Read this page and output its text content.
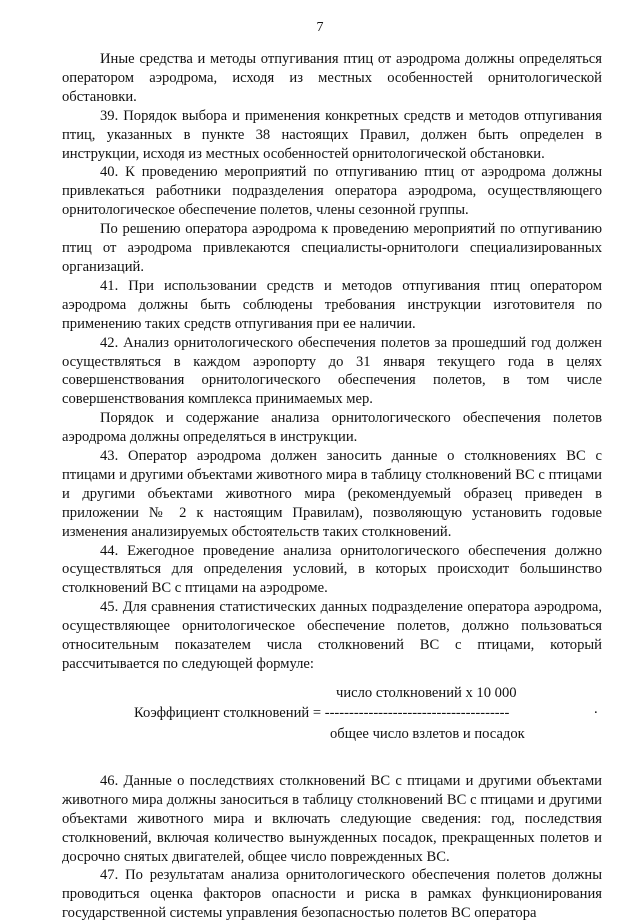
7

Иные средства и методы отпугивания птиц от аэродрома должны определяться оператором аэродрома, исходя из местных особенностей орнитологической обстановки.

39. Порядок выбора и применения конкретных средств и методов отпугивания птиц, указанных в пункте 38 настоящих Правил, должен быть определен в инструкции, исходя из местных особенностей орнитологической обстановки.

40. К проведению мероприятий по отпугиванию птиц от аэродрома должны привлекаться работники подразделения оператора аэродрома, осуществляющего орнитологическое обеспечение полетов, члены сезонной группы.

По решению оператора аэродрома к проведению мероприятий по отпугиванию птиц от аэродрома привлекаются специалисты-орнитологи специализированных организаций.

41. При использовании средств и методов отпугивания птиц оператором аэродрома должны быть соблюдены требования инструкции изготовителя по применению таких средств отпугивания при ее наличии.

42. Анализ орнитологического обеспечения полетов за прошедший год должен осуществляться в каждом аэропорту до 31 января текущего года в целях совершенствования орнитологического обеспечения полетов, в том числе совершенствования комплекса принимаемых мер.

Порядок и содержание анализа орнитологического обеспечения полетов аэродрома должны определяться в инструкции.

43. Оператор аэродрома должен заносить данные о столкновениях ВС с птицами и другими объектами животного мира в таблицу столкновений ВС с птицами и другими объектами животного мира (рекомендуемый образец приведен в приложении № 2 к настоящим Правилам), позволяющую установить годовые изменения анализируемых обстоятельств таких столкновений.

44. Ежегодное проведение анализа орнитологического обеспечения должно осуществляться для определения условий, в которых происходит большинство столкновений ВС с птицами на аэродроме.

45. Для сравнения статистических данных подразделение оператора аэродрома, осуществляющее орнитологическое обеспечение полетов, должно пользоваться относительным показателем числа столкновений ВС с птицами, который рассчитывается по следующей формуле:

число столкновений х 10 000
Коэффициент столкновений = --------------------------------------
общее число взлетов и посадок
.

46. Данные о последствиях столкновений ВС с птицами и другими объектами животного мира должны заноситься в таблицу столкновений ВС с птицами и другими объектами животного мира и включать следующие сведения: год, последствия столкновений, включая количество вынужденных посадок, прекращенных полетов и досрочно снятых двигателей, общее число поврежденных ВС.

47. По результатам анализа орнитологического обеспечения полетов должны проводиться оценка факторов опасности и риска в рамках функционирования государственной системы управления безопасностью полетов ВС оператора
